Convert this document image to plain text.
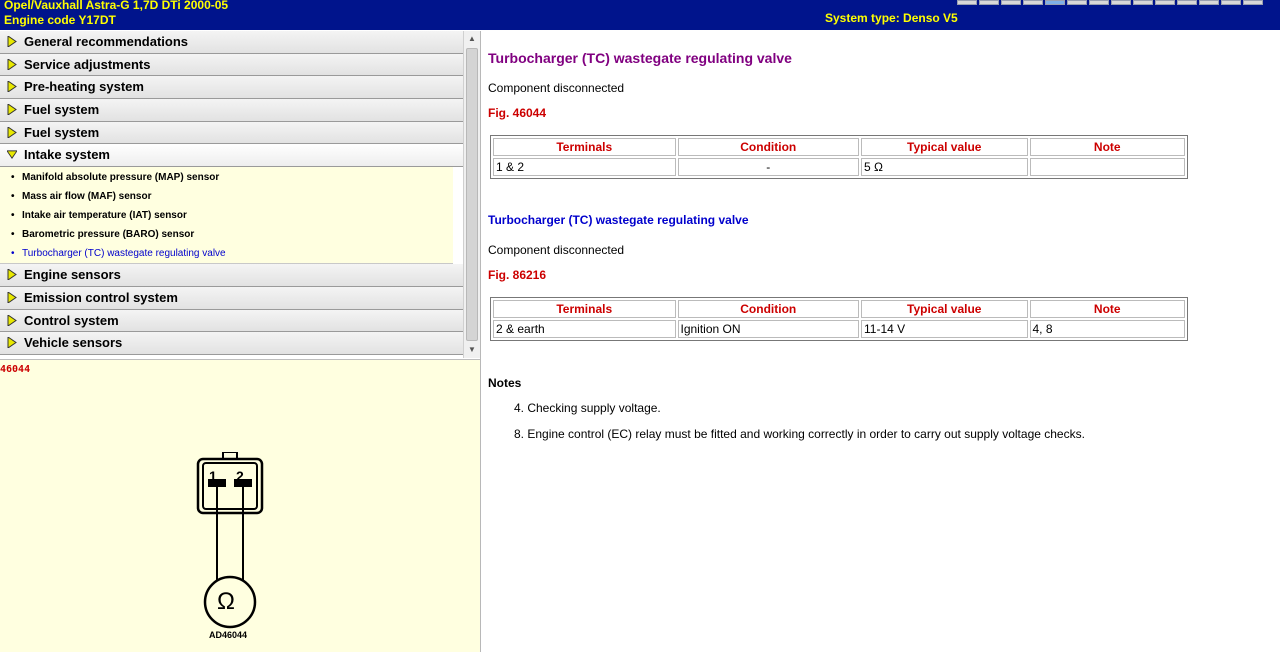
Opel/Vauxhall Astra-G 1,7D DTi 2000-05
Engine code Y17DT	System type: Denso V5
General recommendations
Service adjustments
Pre-heating system
Fuel system
Fuel system
Intake system
• Manifold absolute pressure (MAP) sensor
• Mass air flow (MAF) sensor
• Intake air temperature (IAT) sensor
• Barometric pressure (BARO) sensor
• Turbocharger (TC) wastegate regulating valve
Engine sensors
Emission control system
Control system
Vehicle sensors
▲
▼
46044
1 2
Ω
AD46044
Turbocharger (TC) wastegate regulating valve
Component disconnected
Fig. 46044
Terminals	Condition	Typical value	Note
1 & 2	-	5 Ω	
Turbocharger (TC) wastegate regulating valve
Component disconnected
Fig. 86216
Terminals	Condition	Typical value	Note
2 & earth	Ignition ON	11-14 V	4, 8
Notes
4. Checking supply voltage.
8. Engine control (EC) relay must be fitted and working correctly in order to carry out supply voltage checks.
